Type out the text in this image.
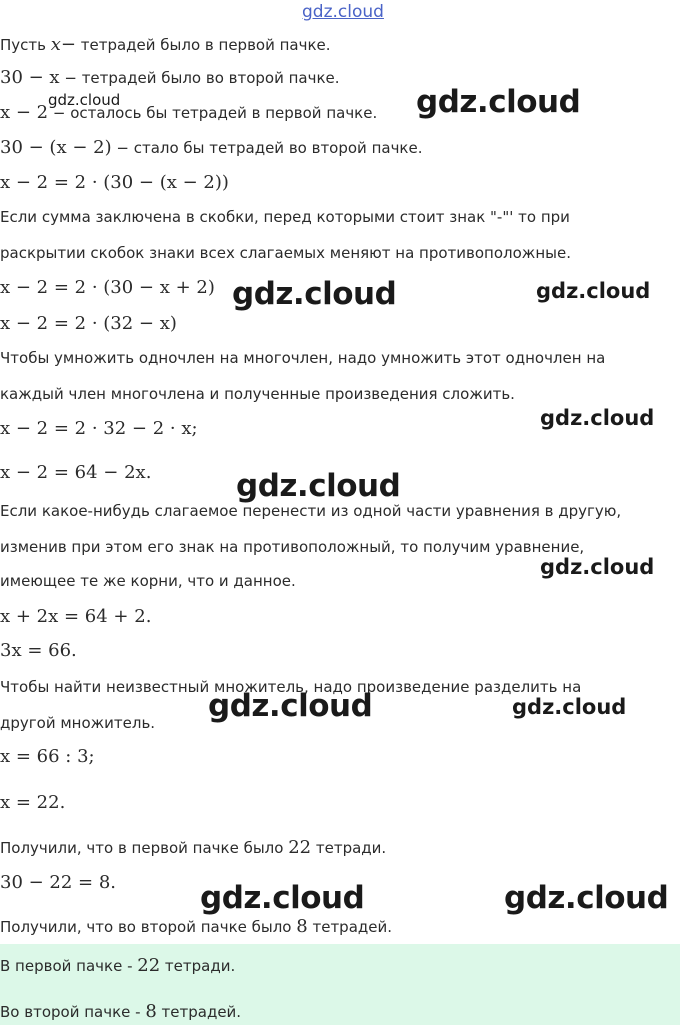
gdz.cloud
Пусть x− тетрадей было в первой пачке.
30 − x − тетрадей было во второй пачке.
x − 2 − осталось бы тетрадей в первой пачке.
30 − (x − 2) − стало бы тетрадей во второй пачке.
x − 2 = 2 · (30 − (x − 2))
Если сумма заключена в скобки, перед которыми стоит знак "-"' то при
раскрытии скобок знаки всех слагаемых меняют на противоположные.
x − 2 = 2 · (30 − x + 2)
x − 2 = 2 · (32 − x)
Чтобы умножить одночлен на многочлен, надо умножить этот одночлен на
каждый член многочлена и полученные произведения сложить.
x − 2 = 2 · 32 − 2 · x;
x − 2 = 64 − 2x.
Если какое-нибудь слагаемое перенести из одной части уравнения в другую,
изменив при этом его знак на противоположный, то получим уравнение,
имеющее те же корни, что и данное.
x + 2x = 64 + 2.
3x = 66.
Чтобы найти неизвестный множитель, надо произведение разделить на
другой множитель.
x = 66 : 3;
x = 22.
Получили, что в первой пачке было 22 тетради.
30 − 22 = 8.
Получили, что во второй пачке было 8 тетрадей.
В первой пачке - 22 тетради.
Во второй пачке - 8 тетрадей.
gdz.cloud	gdz.cloud
gdz.cloud	gdz.cloud
gdz.cloud
gdz.cloud
gdz.cloud
gdz.cloud	gdz.cloud
gdz.cloud	gdz.cloud
